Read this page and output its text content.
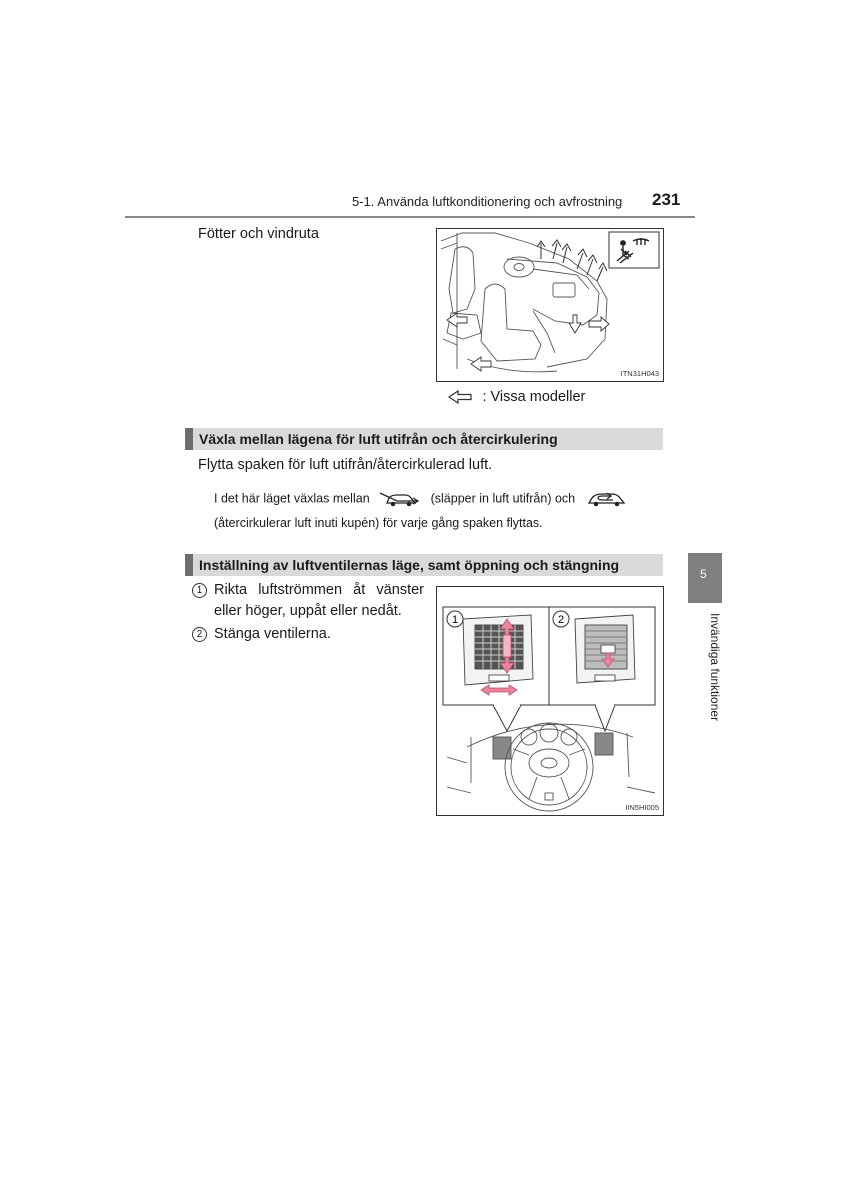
5-1. Använda luftkonditionering och avfrostning 231
Fötter och vindruta
ITN31H043
: Vissa modeller
Växla mellan lägena för luft utifrån och återcirkulering
Flytta spaken för luft utifrån/återcirkulerad luft.
I det här läget växlas mellan	(släpper in luft utifrån) och
(återcirkulerar luft inuti kupén) för varje gång spaken flyttas.
Inställning av luftventilernas läge, samt öppning och stängning
1 Rikta luftströmmen åt vänster
eller höger, uppåt eller nedåt.
2 Stänga ventilerna.
1	2
IIN5HI005
5
Invändiga funktioner
